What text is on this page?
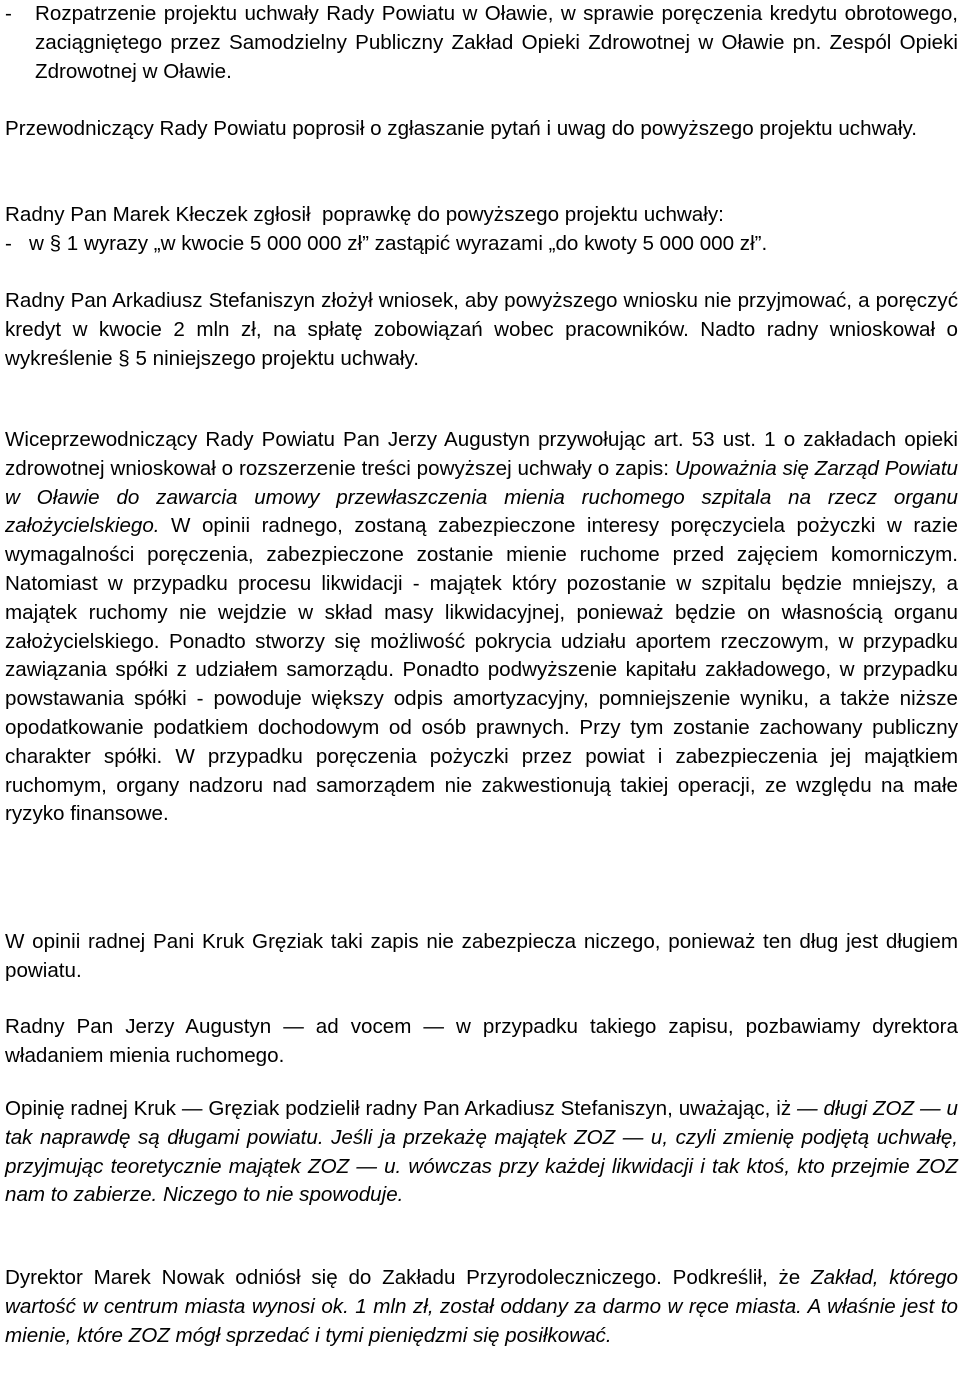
-	Rozpatrzenie projektu uchwały Rady Powiatu w Oławie, w sprawie poręczenia kredytu obrotowego, zaciągniętego przez Samodzielny Publiczny Zakład Opieki Zdrowotnej w Oławie pn. Zespól Opieki Zdrowotnej w Oławie.
Przewodniczący Rady Powiatu poprosił o zgłaszanie pytań i uwag do powyższego projektu uchwały.
Radny Pan Marek Kłeczek zgłosił  poprawkę do powyższego projektu uchwały:
-   w § 1 wyrazy „w kwocie 5 000 000 zł” zastąpić wyrazami „do kwoty 5 000 000 zł”.
Radny Pan Arkadiusz Stefaniszyn złożył wniosek, aby powyższego wniosku nie przyjmować, a poręczyć kredyt w kwocie 2 mln zł, na spłatę zobowiązań wobec pracowników. Nadto radny wnioskował o wykreślenie § 5 niniejszego projektu uchwały.
Wiceprzewodniczący Rady Powiatu Pan Jerzy Augustyn przywołując art. 53 ust. 1 o zakładach opieki zdrowotnej wnioskował o rozszerzenie treści powyższej uchwały o zapis: Upoważnia się Zarząd Powiatu w Oławie do zawarcia umowy przewłaszczenia mienia ruchomego szpitala na rzecz organu założycielskiego. W opinii radnego, zostaną zabezpieczone interesy poręczyciela pożyczki w razie wymagalności poręczenia, zabezpieczone zostanie mienie ruchome przed zajęciem komorniczym. Natomiast w przypadku procesu likwidacji - majątek który pozostanie w szpitalu będzie mniejszy, a majątek ruchomy nie wejdzie w skład masy likwidacyjnej, ponieważ będzie on własnością organu założycielskiego. Ponadto stworzy się możliwość pokrycia udziału aportem rzeczowym, w przypadku zawiązania spółki z udziałem samorządu. Ponadto podwyższenie kapitału zakładowego, w przypadku powstawania spółki - powoduje większy odpis amortyzacyjny, pomniejszenie wyniku, a także niższe opodatkowanie podatkiem dochodowym od osób prawnych. Przy tym zostanie zachowany publiczny charakter spółki. W przypadku poręczenia pożyczki przez powiat i zabezpieczenia jej majątkiem ruchomym, organy nadzoru nad samorządem nie zakwestionują takiej operacji, ze względu na małe ryzyko finansowe.
W opinii radnej Pani Kruk Gręziak taki zapis nie zabezpiecza niczego, ponieważ ten dług jest długiem powiatu.
Radny Pan Jerzy Augustyn — ad vocem — w przypadku takiego zapisu, pozbawiamy dyrektora władaniem mienia ruchomego.
Opinię radnej Kruk — Gręziak podzielił radny Pan Arkadiusz Stefaniszyn, uważając, iż — długi ZOZ — u tak naprawdę są długami powiatu. Jeśli ja przekażę majątek ZOZ — u, czyli zmienię podjętą uchwałę, przyjmując teoretycznie majątek ZOZ — u. wówczas przy każdej likwidacji i tak ktoś, kto przejmie ZOZ nam to zabierze. Niczego to nie spowoduje.
Dyrektor Marek Nowak odniósł się do Zakładu Przyrodoleczniczego. Podkreślił, że Zakład, którego wartość w centrum miasta wynosi ok. 1 mln zł, został oddany za darmo w ręce miasta. A właśnie jest to mienie, które ZOZ mógł sprzedać i tymi pieniędzmi się posiłkować.
